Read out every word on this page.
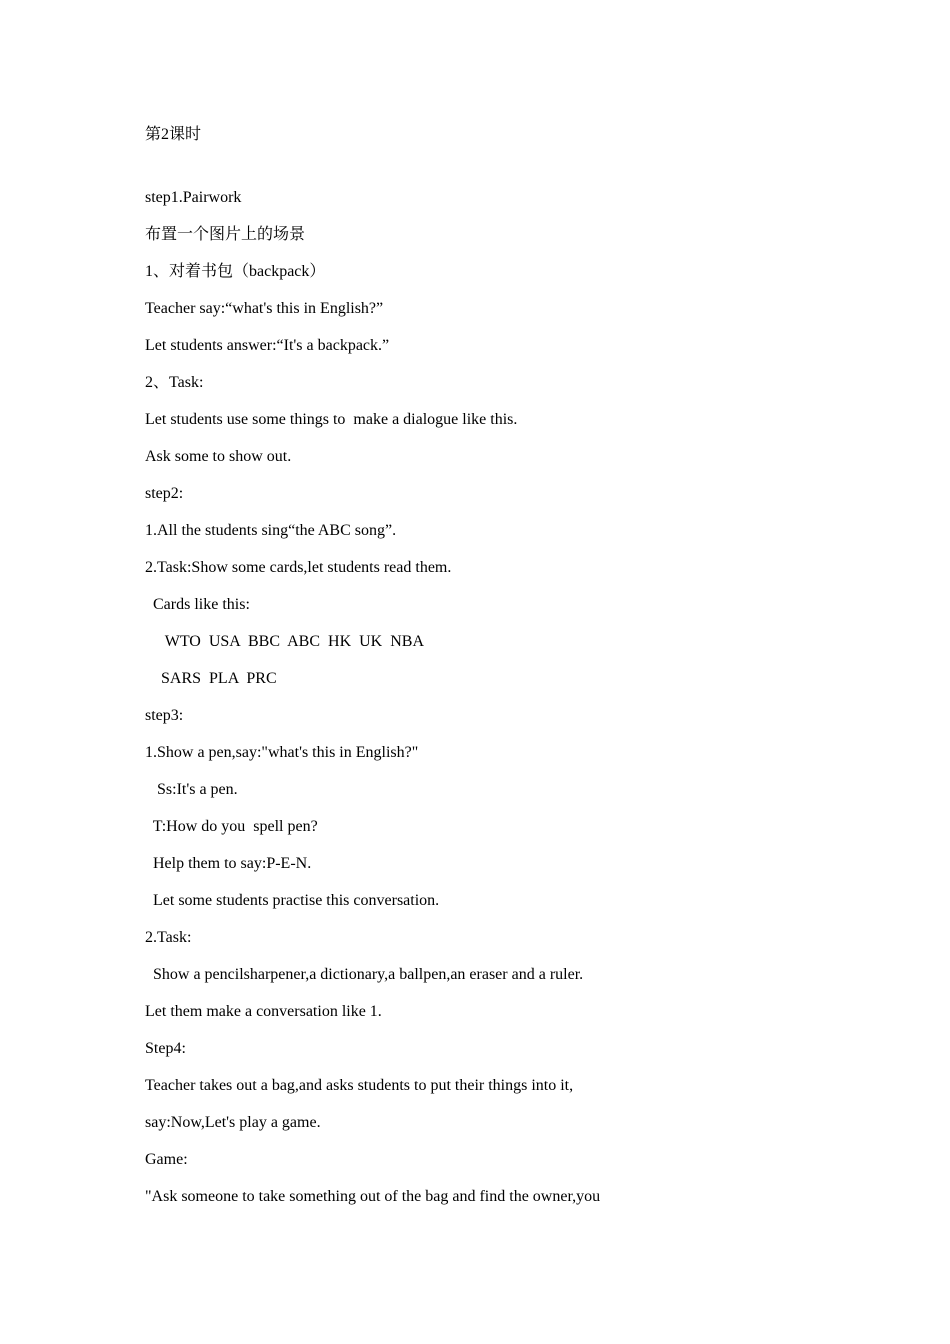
第2课时

step1.Pairwork

布置一个图片上的场景

1、对着书包（backpack）

Teacher say:“what's this in English?”

Let students answer:“It's a backpack.”

2、Task:

Let students use some things to  make a dialogue like this.

Ask some to show out.

step2:

1.All the students sing“the ABC song”.

2.Task:Show some cards,let students read them.

Cards like this:

WTO  USA  BBC  ABC  HK  UK  NBA

SARS  PLA  PRC

step3:

1.Show a pen,say:"what's this in English?"

Ss:It's a pen.

T:How do you  spell pen?

Help them to say:P-E-N.

Let some students practise this conversation.

2.Task:

Show a pencilsharpener,a dictionary,a ballpen,an eraser and a ruler.

Let them make a conversation like 1.

Step4:

Teacher takes out a bag,and asks students to put their things into it,

say:Now,Let's play a game.

Game:

"Ask someone to take something out of the bag and find the owner,you
